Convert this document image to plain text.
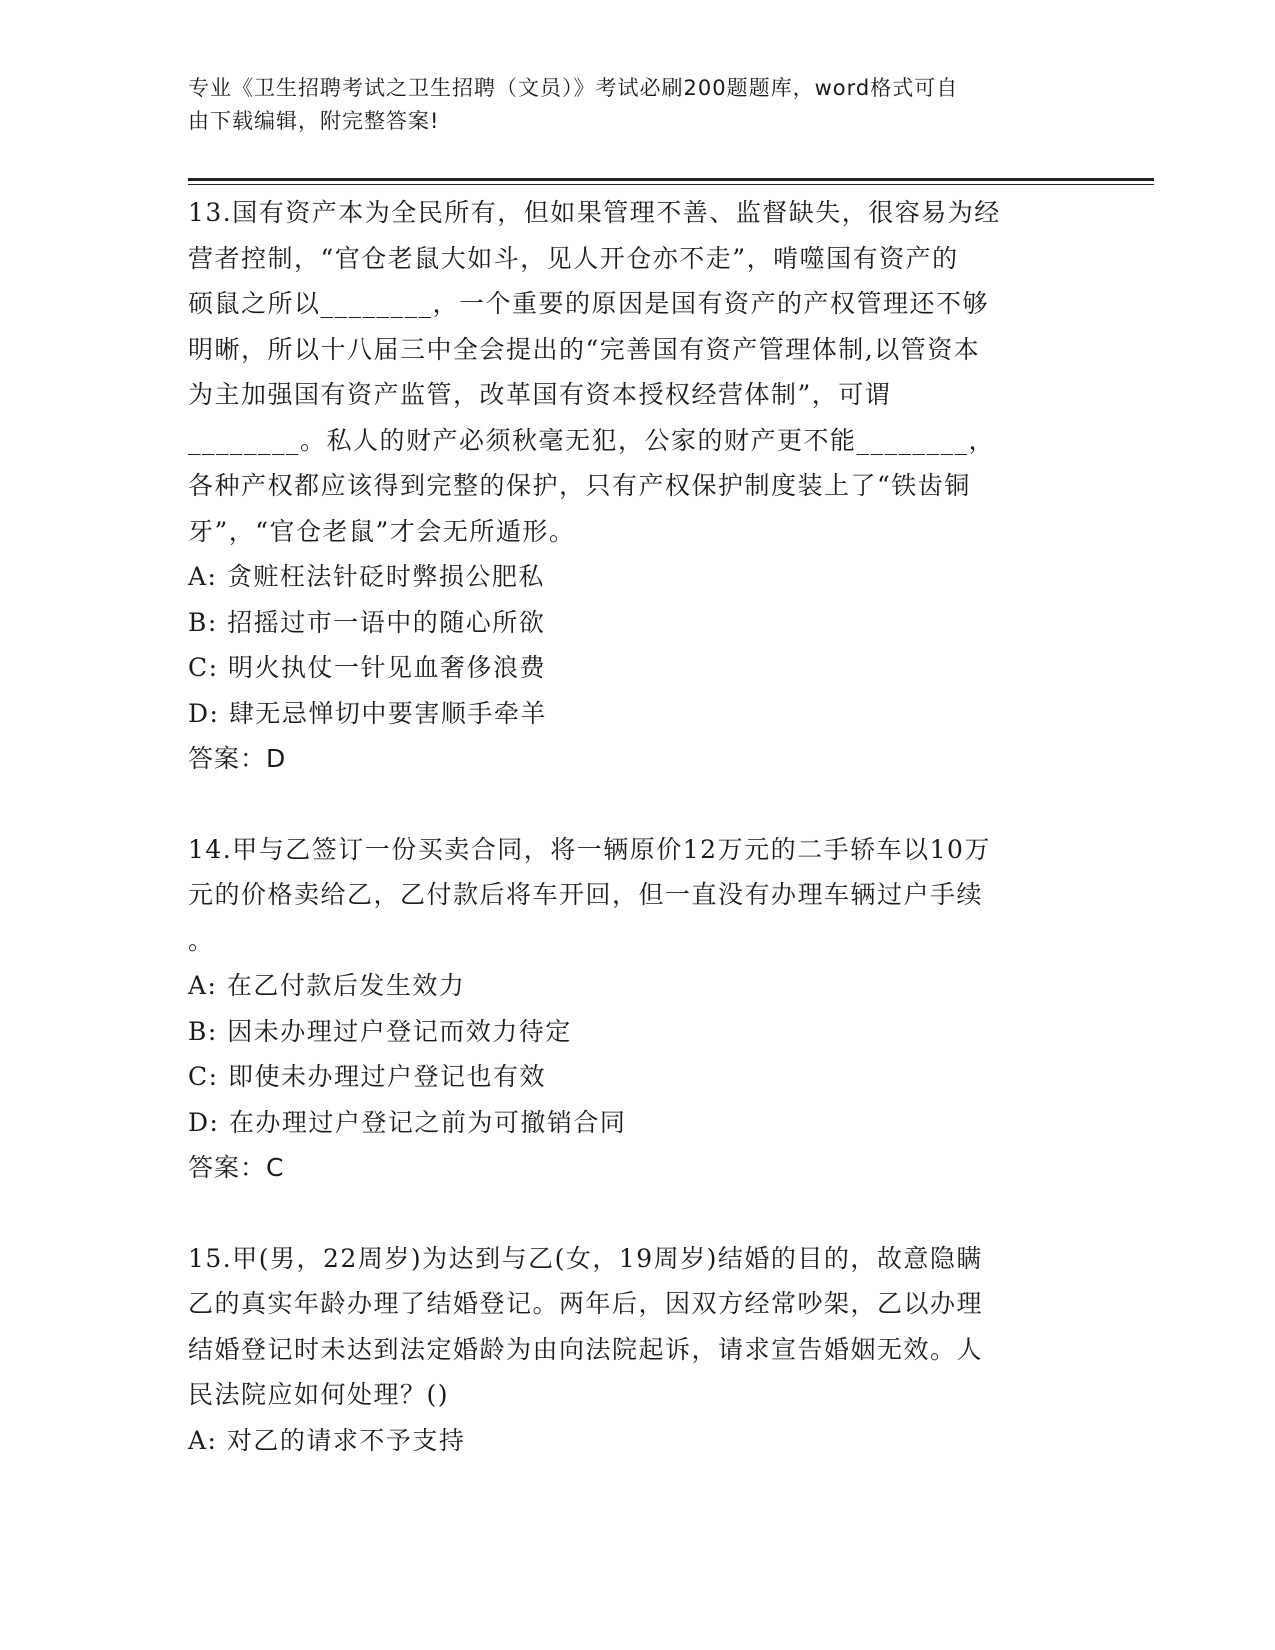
专业《卫生招聘考试之卫生招聘（文员）》考试必刷200题题库，word格式可自
由下载编辑，附完整答案!

13.国有资产本为全民所有，但如果管理不善、监督缺失，很容易为经

营者控制，“官仓老鼠大如斗，见人开仓亦不走”，啃噬国有资产的

硕鼠之所以________，一个重要的原因是国有资产的产权管理还不够

明晰，所以十八届三中全会提出的“完善国有资产管理体制,以管资本

为主加强国有资产监管，改革国有资本授权经营体制”，可谓

________。私人的财产必须秋毫无犯，公家的财产更不能________，

各种产权都应该得到完整的保护，只有产权保护制度装上了“铁齿铜

牙”，“官仓老鼠”才会无所遁形。

A: 贪赃枉法针砭时弊损公肥私

B: 招摇过市一语中的随心所欲

C: 明火执仗一针见血奢侈浪费

D: 肆无忌惮切中要害顺手牵羊

答案：D

14.甲与乙签订一份买卖合同，将一辆原价12万元的二手轿车以10万

元的价格卖给乙，乙付款后将车开回，但一直没有办理车辆过户手续

。

A: 在乙付款后发生效力

B: 因未办理过户登记而效力待定

C: 即使未办理过户登记也有效

D: 在办理过户登记之前为可撤销合同

答案：C

15.甲(男，22周岁)为达到与乙(女，19周岁)结婚的目的，故意隐瞒

乙的真实年龄办理了结婚登记。两年后，因双方经常吵架，乙以办理

结婚登记时未达到法定婚龄为由向法院起诉，请求宣告婚姻无效。人

民法院应如何处理？()

A: 对乙的请求不予支持
